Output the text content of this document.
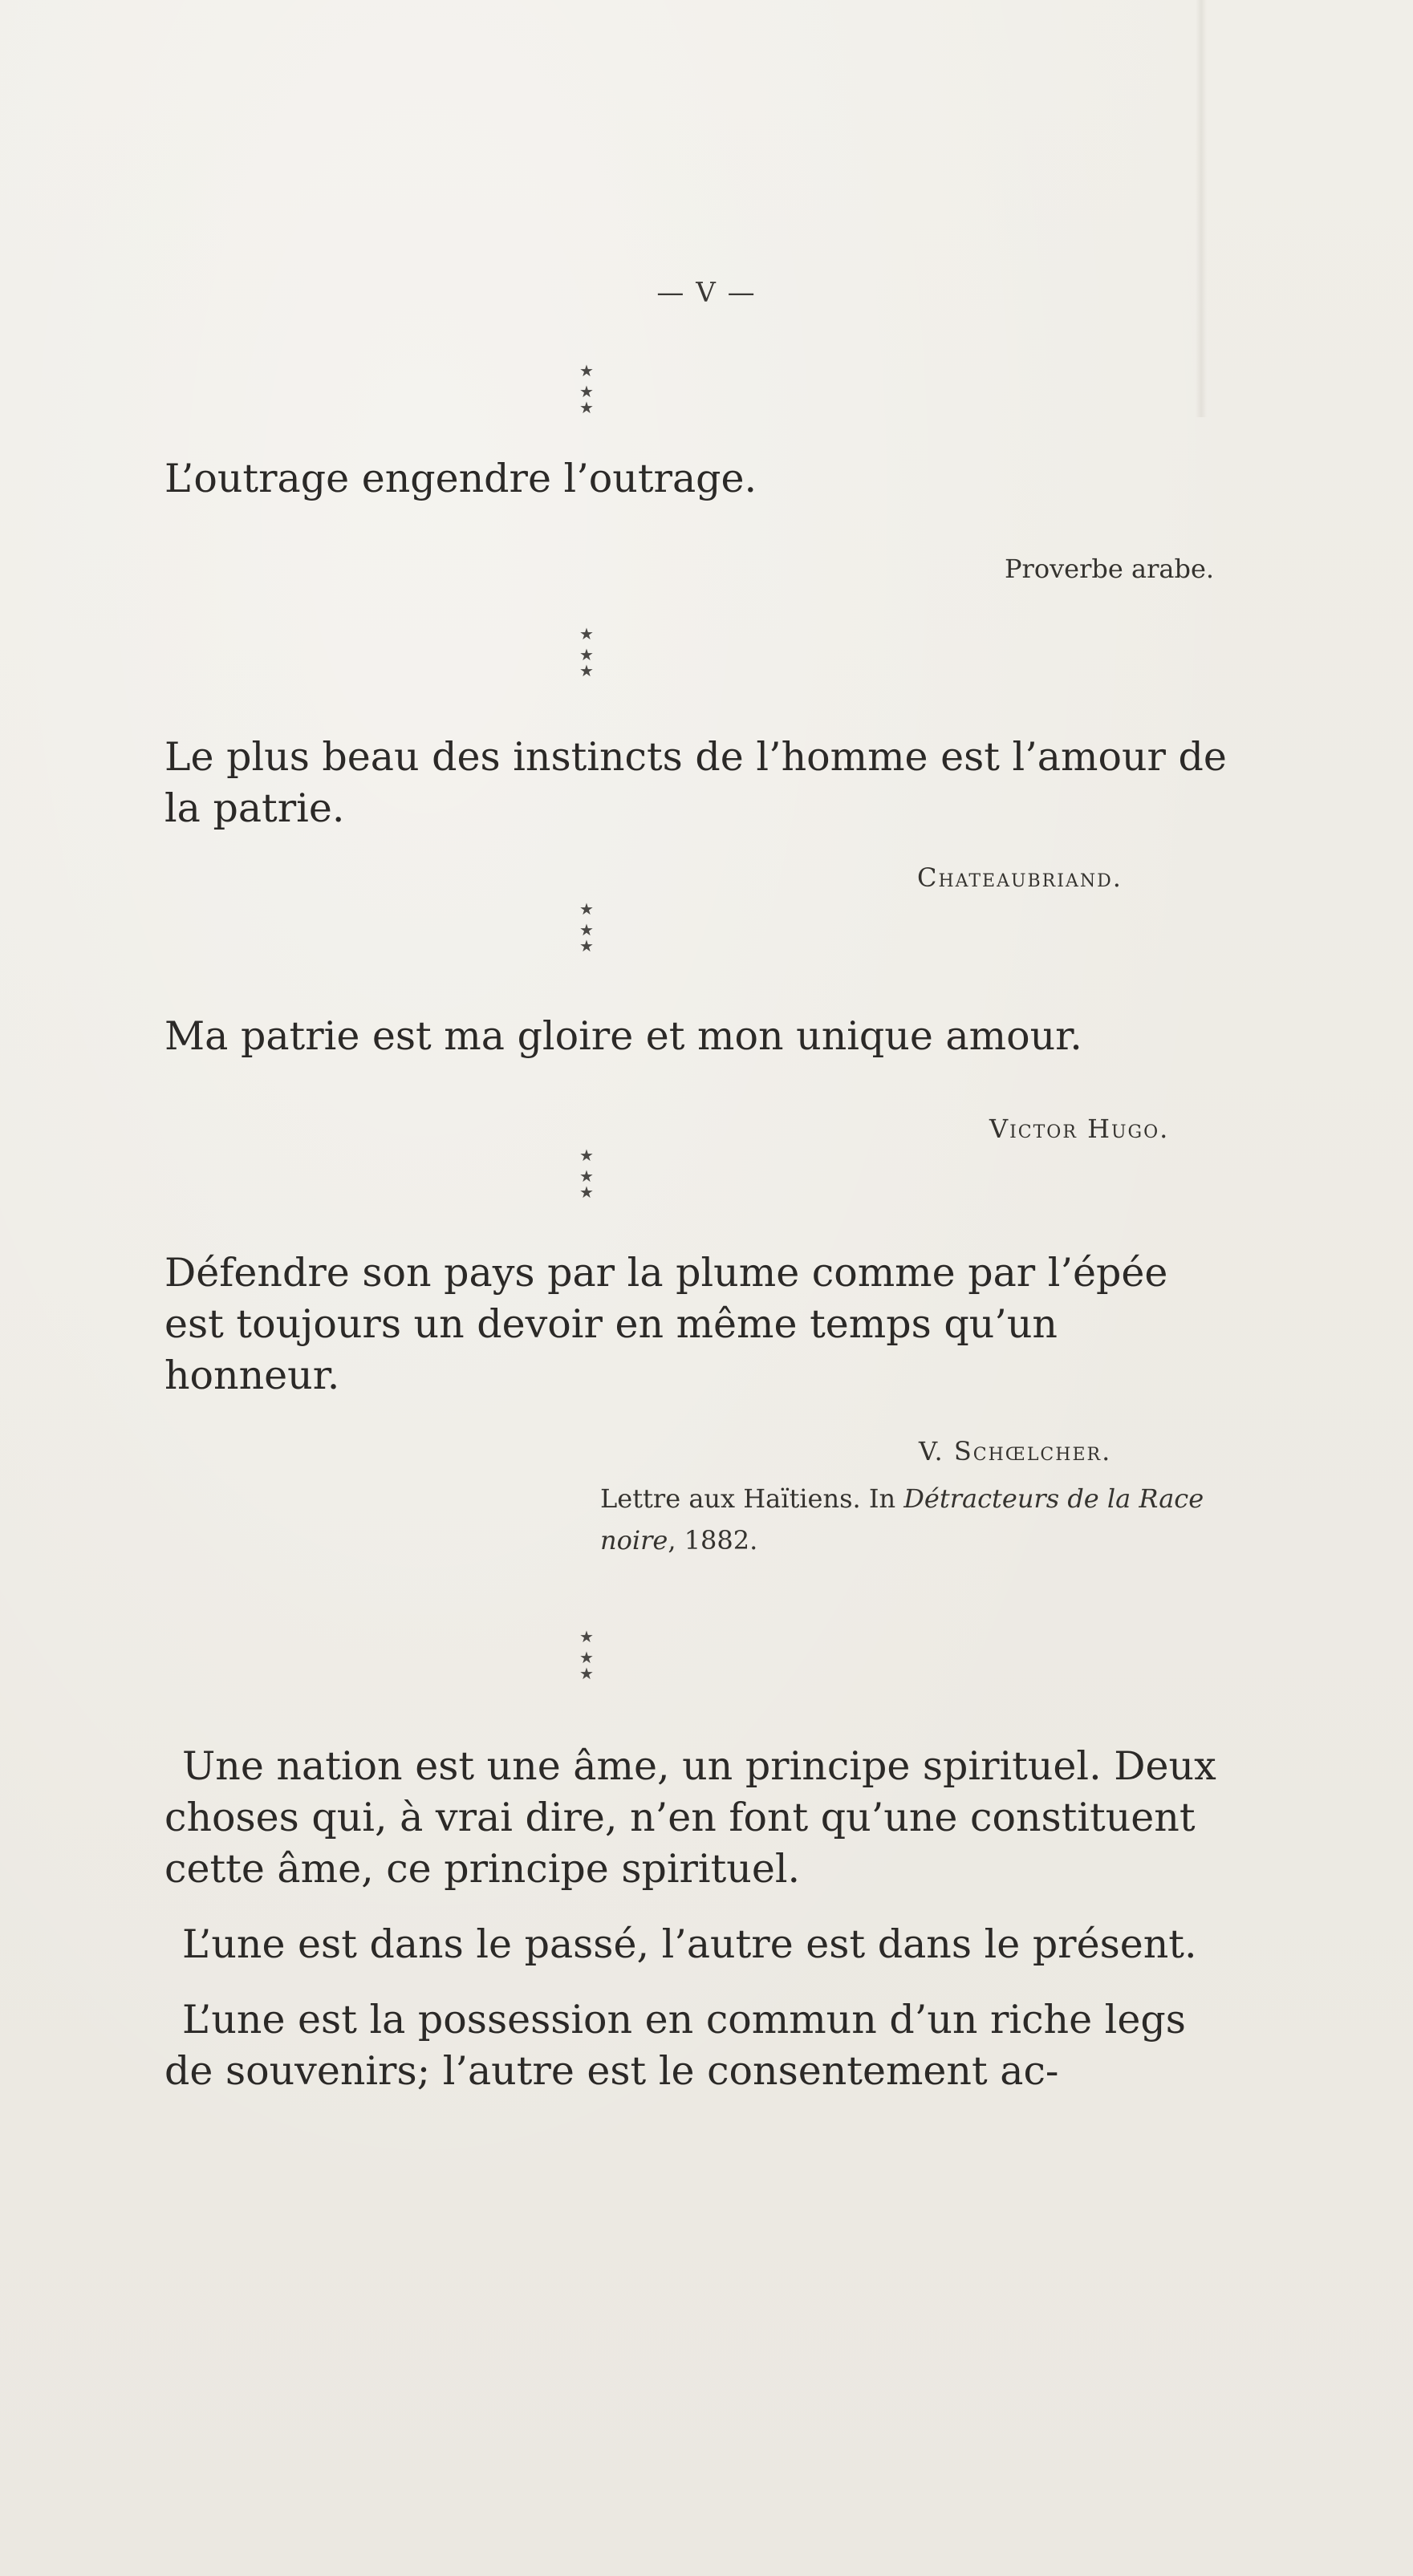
— V —
★
★ ★

L’outrage engendre l’outrage.

Proverbe arabe.
★
★ ★

Le plus beau des instincts de l’homme est l’amour de la patrie.

Chateaubriand.
★
★ ★

Ma patrie est ma gloire et mon unique amour.

Victor Hugo.
★
★ ★

Défendre son pays par la plume comme par l’épée est toujours un devoir en même temps qu’un honneur.

V. Schœlcher.
Lettre aux Haïtiens. In Détracteurs de la Race noire, 1882.
★
★ ★

Une nation est une âme, un principe spirituel. Deux choses qui, à vrai dire, n’en font qu’une constituent cette âme, ce principe spirituel.

L’une est dans le passé, l’autre est dans le présent.

L’une est la possession en commun d’un riche legs de souvenirs; l’autre est le consentement ac-
